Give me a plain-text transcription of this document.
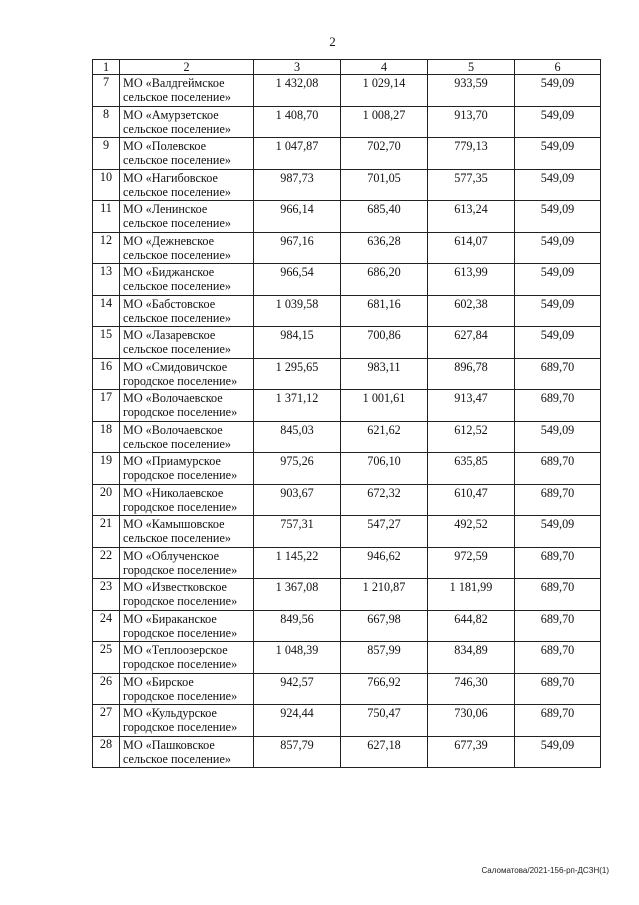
2
1	2	3	4	5	6
7	МО «Валдгеймское
сельское поселение»	1 432,08	1 029,14	933,59	549,09
8	МО «Амурзетское
сельское поселение»	1 408,70	1 008,27	913,70	549,09
9	МО «Полевское
сельское поселение»	1 047,87	702,70	779,13	549,09
10	МО «Нагибовское
сельское поселение»	987,73	701,05	577,35	549,09
11	МО «Ленинское
сельское поселение»	966,14	685,40	613,24	549,09
12	МО «Дежневское
сельское поселение»	967,16	636,28	614,07	549,09
13	МО «Биджанское
сельское поселение»	966,54	686,20	613,99	549,09
14	МО «Бабстовское
сельское поселение»	1 039,58	681,16	602,38	549,09
15	МО «Лазаревское
сельское поселение»	984,15	700,86	627,84	549,09
16	МО «Смидовичское
городское поселение»	1 295,65	983,11	896,78	689,70
17	МО «Волочаевское
городское поселение»	1 371,12	1 001,61	913,47	689,70
18	МО «Волочаевское
сельское поселение»	845,03	621,62	612,52	549,09
19	МО «Приамурское
городское поселение»	975,26	706,10	635,85	689,70
20	МО «Николаевское
городское поселение»	903,67	672,32	610,47	689,70
21	МО «Камышовское
сельское поселение»	757,31	547,27	492,52	549,09
22	МО «Облученское
городское поселение»	1 145,22	946,62	972,59	689,70
23	МО «Известковское
городское поселение»	1 367,08	1 210,87	1 181,99	689,70
24	МО «Бираканское
городское поселение»	849,56	667,98	644,82	689,70
25	МО «Теплоозерское
городское поселение»	1 048,39	857,99	834,89	689,70
26	МО «Бирское
городское поселение»	942,57	766,92	746,30	689,70
27	МО «Кульдурское
городское поселение»	924,44	750,47	730,06	689,70
28	МО «Пашковское
сельское поселение»	857,79	627,18	677,39	549,09
Саломатова/2021-156-рп-ДСЗН(1)
